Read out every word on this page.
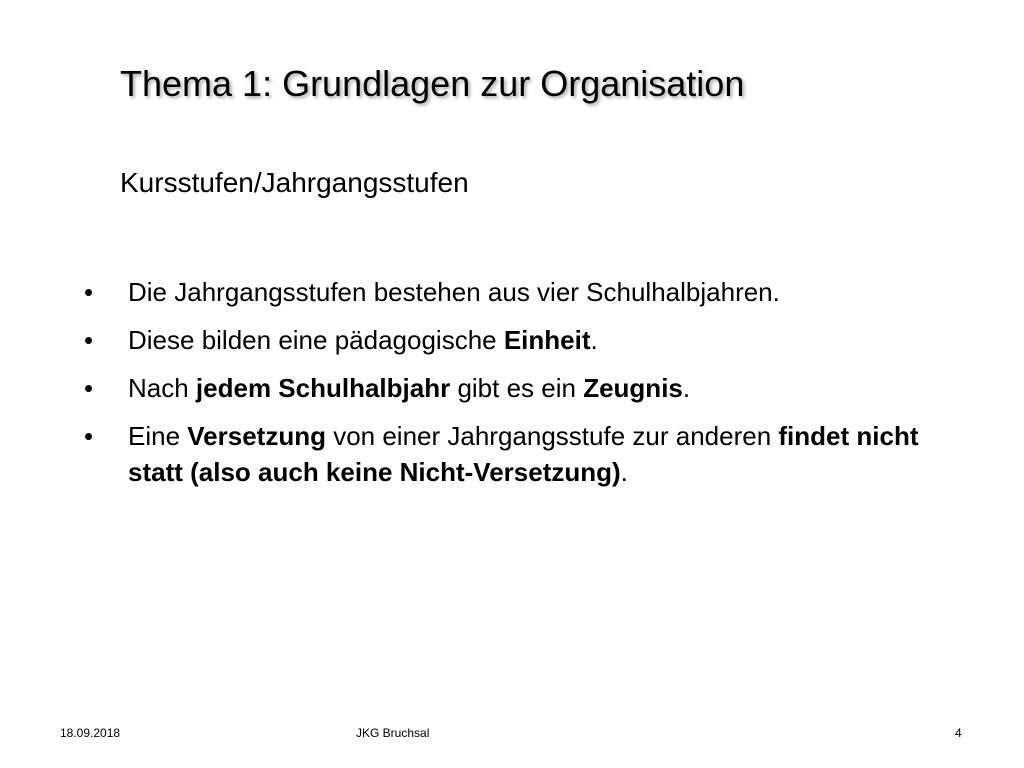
Thema 1: Grundlagen zur Organisation
Kursstufen/Jahrgangsstufen
• Die Jahrgangsstufen bestehen aus vier Schulhalbjahren.
• Diese bilden eine pädagogische Einheit.
• Nach jedem Schulhalbjahr gibt es ein Zeugnis.
• Eine Versetzung von einer Jahrgangsstufe zur anderen findet nicht statt (also auch keine Nicht-Versetzung).
18.09.2018	JKG Bruchsal	4
